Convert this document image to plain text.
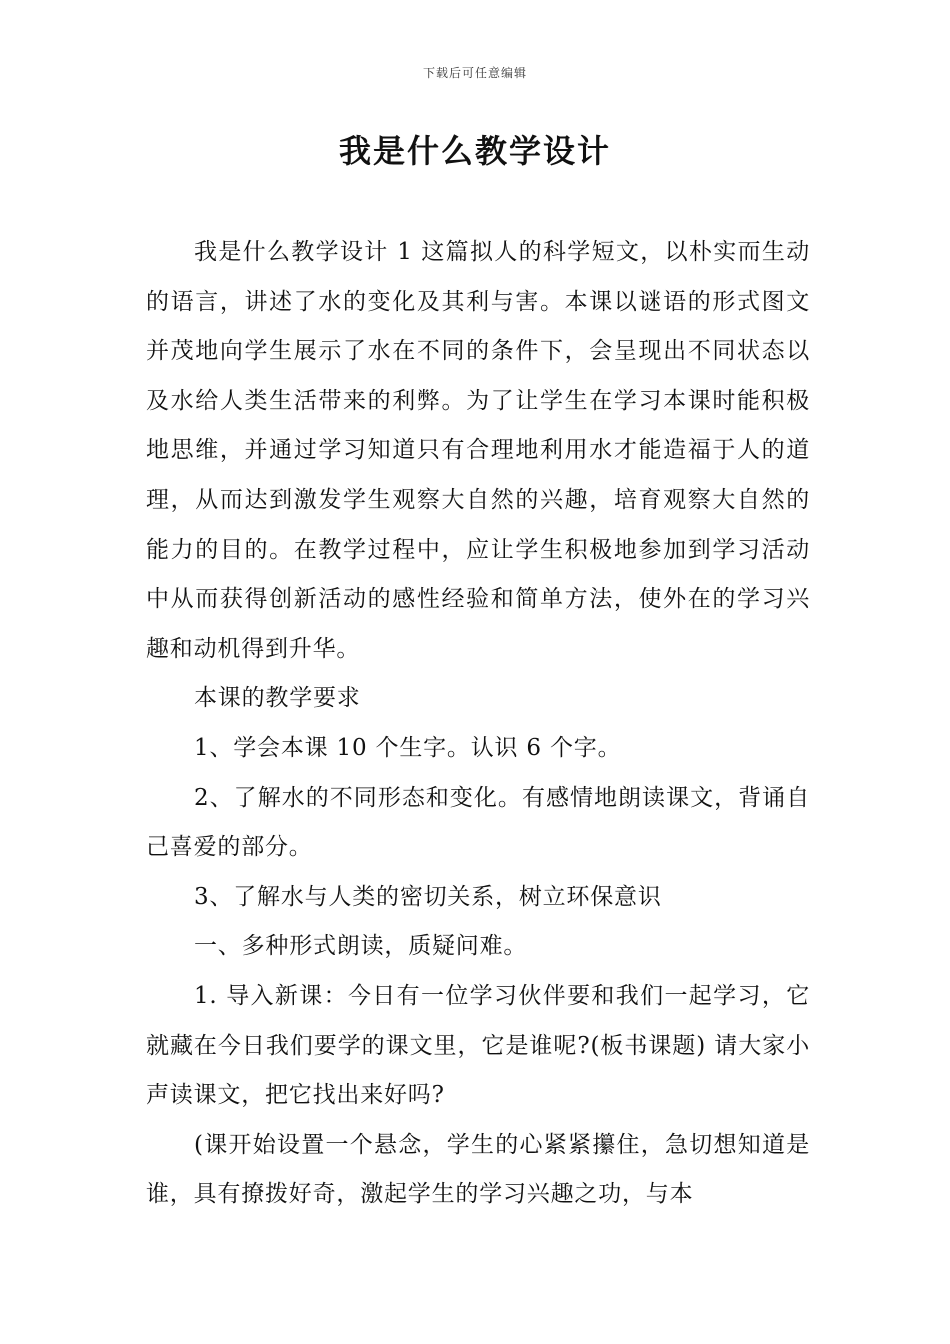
下载后可任意编辑
我是什么教学设计

我是什么教学设计 1 这篇拟人的科学短文，以朴实而生动的语言，讲述了水的变化及其利与害。本课以谜语的形式图文并茂地向学生展示了水在不同的条件下，会呈现出不同状态以及水给人类生活带来的利弊。为了让学生在学习本课时能积极地思维，并通过学习知道只有合理地利用水才能造福于人的道理，从而达到激发学生观察大自然的兴趣，培育观察大自然的能力的目的。在教学过程中，应让学生积极地参加到学习活动中从而获得创新活动的感性经验和简单方法，使外在的学习兴趣和动机得到升华。

本课的教学要求

1、学会本课 10 个生字。认识 6 个字。

2、了解水的不同形态和变化。有感情地朗读课文，背诵自己喜爱的部分。

3、了解水与人类的密切关系，树立环保意识

一、多种形式朗读，质疑问难。

1. 导入新课：今日有一位学习伙伴要和我们一起学习，它就藏在今日我们要学的课文里，它是谁呢?(板书课题) 请大家小声读课文，把它找出来好吗?

(课开始设置一个悬念，学生的心紧紧攥住，急切想知道是谁，具有撩拨好奇，激起学生的学习兴趣之功，与本
